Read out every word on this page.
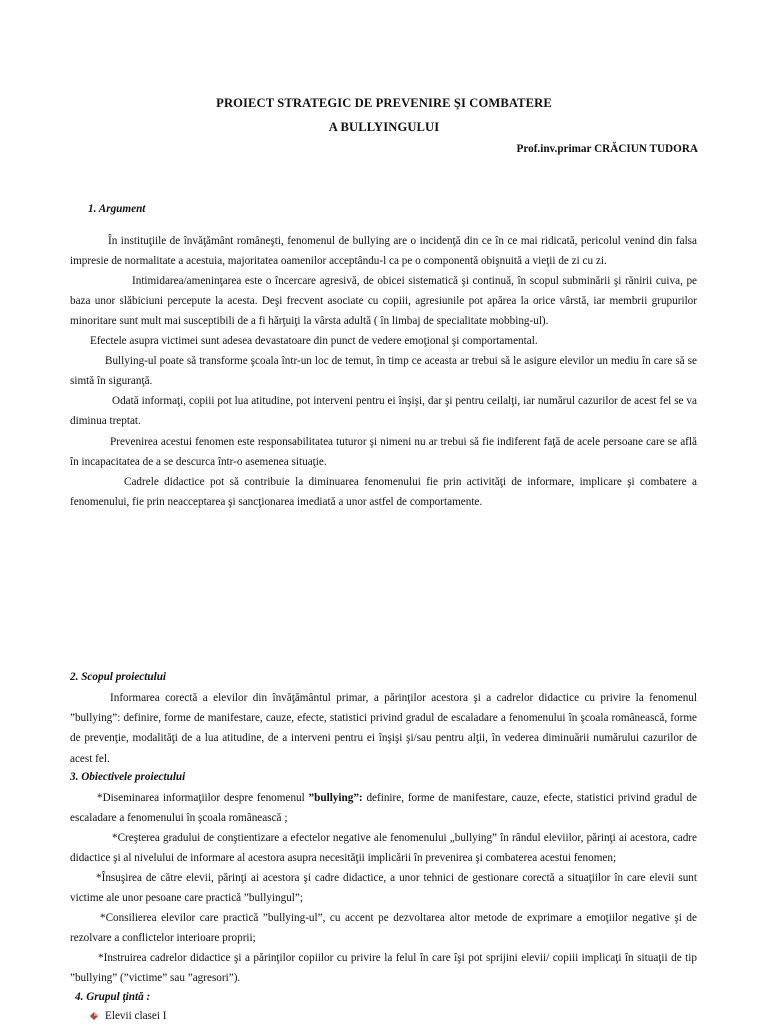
PROIECT STRATEGIC DE PREVENIRE ŞI COMBATERE
A BULLYINGULUI
Prof.inv.primar CRĂCIUN TUDORA
1. Argument

În instituţiile de învăţământ româneşti, fenomenul de bullying are o incidenţă din ce în ce mai ridicată, pericolul venind din falsa impresie de normalitate a acestuia, majoritatea oamenilor acceptându-l ca pe o componentă obişnuită a vieţii de zi cu zi.

Intimidarea/ameninţarea este o încercare agresivă, de obicei sistematică şi continuă, în scopul subminării şi rănirii cuiva, pe baza unor slăbiciuni percepute la acesta. Deşi frecvent asociate cu copiii, agresiunile pot apărea la orice vârstă, iar membrii grupurilor minoritare sunt mult mai susceptibili de a fi hărţuiţi la vârsta adultă ( în limbaj de specialitate mobbing-ul).

Efectele asupra victimei sunt adesea devastatoare din punct de vedere emoţional şi comportamental.

Bullying-ul poate să transforme şcoala într-un loc de temut, în timp ce aceasta ar trebui să le asigure elevilor un mediu în care să se simtă în siguranţă.

Odată informaţi, copiii pot lua atitudine, pot interveni pentru ei înşişi, dar şi pentru ceilalţi, iar numărul cazurilor de acest fel se va diminua treptat.

Prevenirea acestui fenomen este responsabilitatea tuturor şi nimeni nu ar trebui să fie indiferent faţă de acele persoane care se află în incapacitatea de a se descurca într-o asemenea situaţie.

Cadrele didactice pot să contribuie la diminuarea fenomenului fie prin activităţi de informare, implicare şi combatere a fenomenului, fie prin neacceptarea şi sancţionarea imediată a unor astfel de comportamente.

2. Scopul proiectului

Informarea corectă a elevilor din învăţământul primar, a părinţilor acestora şi a cadrelor didactice cu privire la fenomenul ”bullying”: definire, forme de manifestare, cauze, efecte, statistici privind gradul de escaladare a fenomenului în şcoala românească, forme de prevenţie, modalităţi de a lua atitudine, de a interveni pentru ei înşişi şi/sau pentru alţii, în vederea diminuării numărului cazurilor de acest fel.

3. Obiectivele proiectului

*Diseminarea informaţiilor despre fenomenul ”bullying”: definire, forme de manifestare, cauze, efecte, statistici privind gradul de escaladare a fenomenului în şcoala românească ;

*Creşterea gradului de conştientizare a efectelor negative ale fenomenului „bullying” în rândul eleviilor, părinţi ai acestora, cadre didactice şi al nivelului de informare al acestora asupra necesităţii implicării în prevenirea şi combaterea acestui fenomen;

*Însuşirea de către elevii, părinţi ai acestora şi cadre didactice, a unor tehnici de gestionare corectă a situaţiilor în care elevii sunt victime ale unor pesoane care practică ”bullyingul”;

*Consilierea elevilor care practică ”bullying-ul”, cu accent pe dezvoltarea altor metode de exprimare a emoţiilor negative şi de rezolvare a conflictelor interioare proprii;

*Instruirea cadrelor didactice şi a părinţilor copiilor cu privire la felul în care îşi pot sprijini elevii/ copiii implicaţi în situaţii de tip ”bullying” (”victime” sau ”agresori”).

4. Grupul ţintă :
Elevii clasei I
